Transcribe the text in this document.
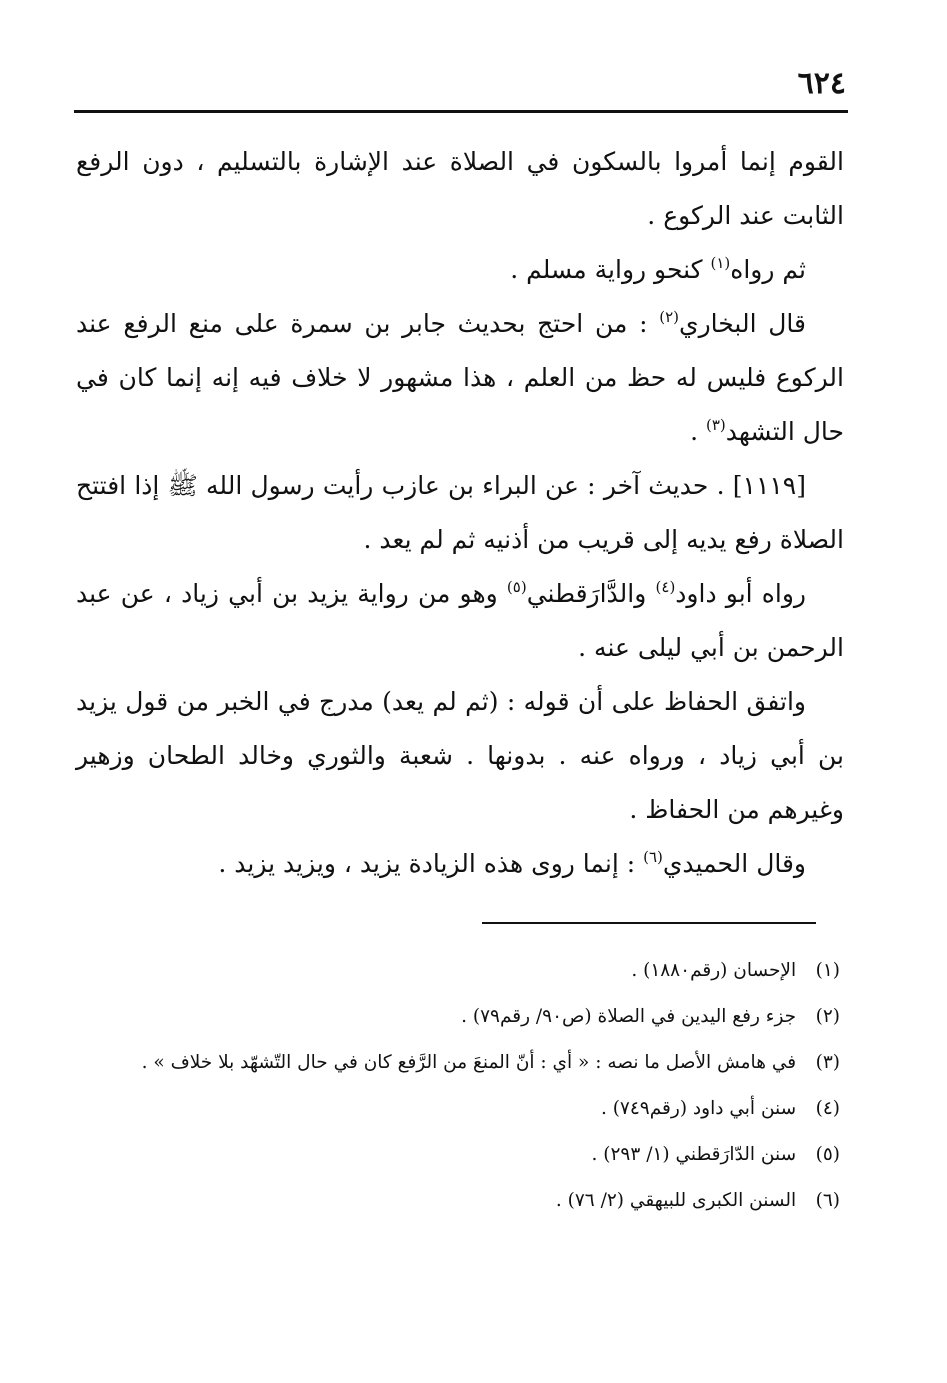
٦٢٤

القوم إنما أمروا بالسكون في الصلاة عند الإشارة بالتسليم ، دون الرفع الثابت عند الركوع .

ثم رواه$^{(١)}$ كنحو رواية مسلم .

قال البخاري$^{(٢)}$ : من احتج بحديث جابر بن سمرة على منع الرفع عند الركوع فليس له حظ من العلم ، هذا مشهور لا خلاف فيه إنه إنما كان في حال التشهد$^{(٣)}$ .

[١١١٩] . حديث آخر : عن البراء بن عازب رأيت رسول الله ﷺ إذا افتتح الصلاة رفع يديه إلى قريب من أذنيه ثم لم يعد .

رواه أبو داود$^{(٤)}$ والدَّارَقطني$^{(٥)}$ وهو من رواية يزيد بن أبي زياد ، عن عبد الرحمن بن أبي ليلى عنه .

واتفق الحفاظ على أن قوله : (ثم لم يعد) مدرج في الخبر من قول يزيد بن أبي زياد ، ورواه عنه . بدونها . شعبة والثوري وخالد الطحان وزهير وغيرهم من الحفاظ .

وقال الحميدي$^{(٦)}$ : إنما روى هذه الزيادة يزيد ، ويزيد يزيد .

(١) الإحسان (رقم١٨٨٠) .

(٢) جزء رفع اليدين في الصلاة (ص٩٠/ رقم٧٩) .

(٣) في هامش الأصل ما نصه : « أي : أنّ المنعَ من الرَّفع كان في حال التّشهّد بلا خلاف » .

(٤) سنن أبي داود (رقم٧٤٩) .

(٥) سنن الدّارَقطني (١/ ٢٩٣) .

(٦) السنن الكبرى للبيهقي (٢/ ٧٦) .
